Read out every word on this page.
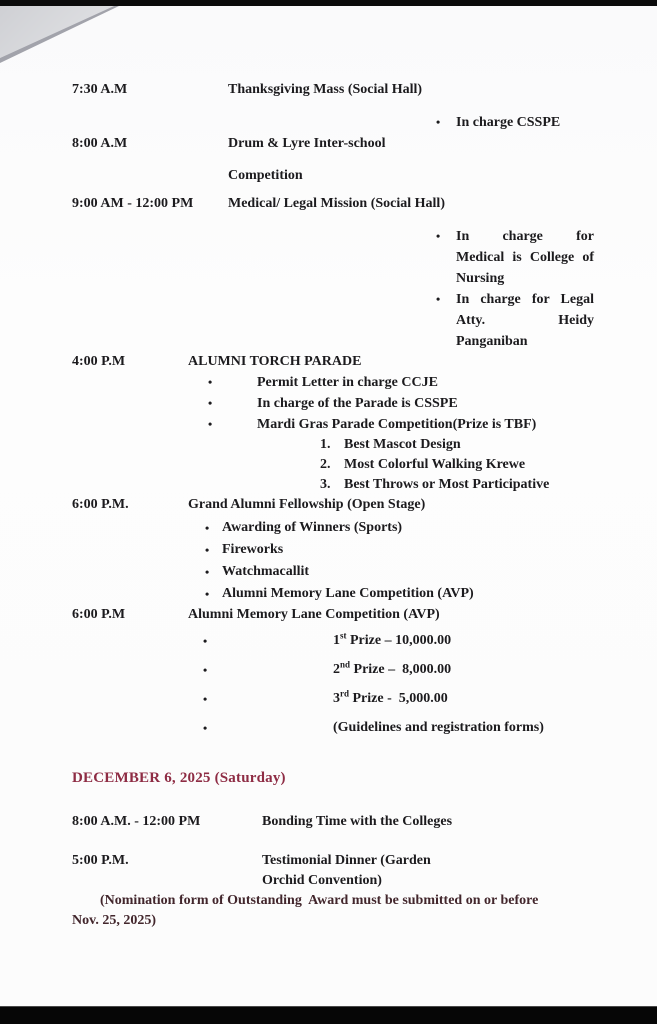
7:30 A.M	Thanksgiving Mass (Social Hall)
•	In charge CSSPE
8:00 A.M	Drum & Lyre Inter-school
Competition
9:00 AM - 12:00 PM	Medical/ Legal Mission (Social Hall)
•	In charge for
Medical is College of
Nursing
•	In charge for Legal
Atty. Heidy
Panganiban
4:00 P.M	ALUMNI TORCH PARADE
•	Permit Letter in charge CCJE
•	In charge of the Parade is CSSPE
•	Mardi Gras Parade Competition(Prize is TBF)
1. Best Mascot Design
2. Most Colorful Walking Krewe
3. Best Throws or Most Participative
6:00 P.M.	Grand Alumni Fellowship (Open Stage)
• Awarding of Winners (Sports)
• Fireworks
• Watchmacallit
• Alumni Memory Lane Competition (AVP)
6:00 P.M	Alumni Memory Lane Competition (AVP)
•	1st Prize – 10,000.00
•	2nd Prize –  8,000.00
•	3rd Prize -  5,000.00
•	(Guidelines and registration forms)
DECEMBER 6, 2025 (Saturday)
8:00 A.M. - 12:00 PM	Bonding Time with the Colleges
5:00 P.M.	Testimonial Dinner (Garden
Orchid Convention)
(Nomination form of Outstanding  Award must be submitted on or before
Nov. 25, 2025)
